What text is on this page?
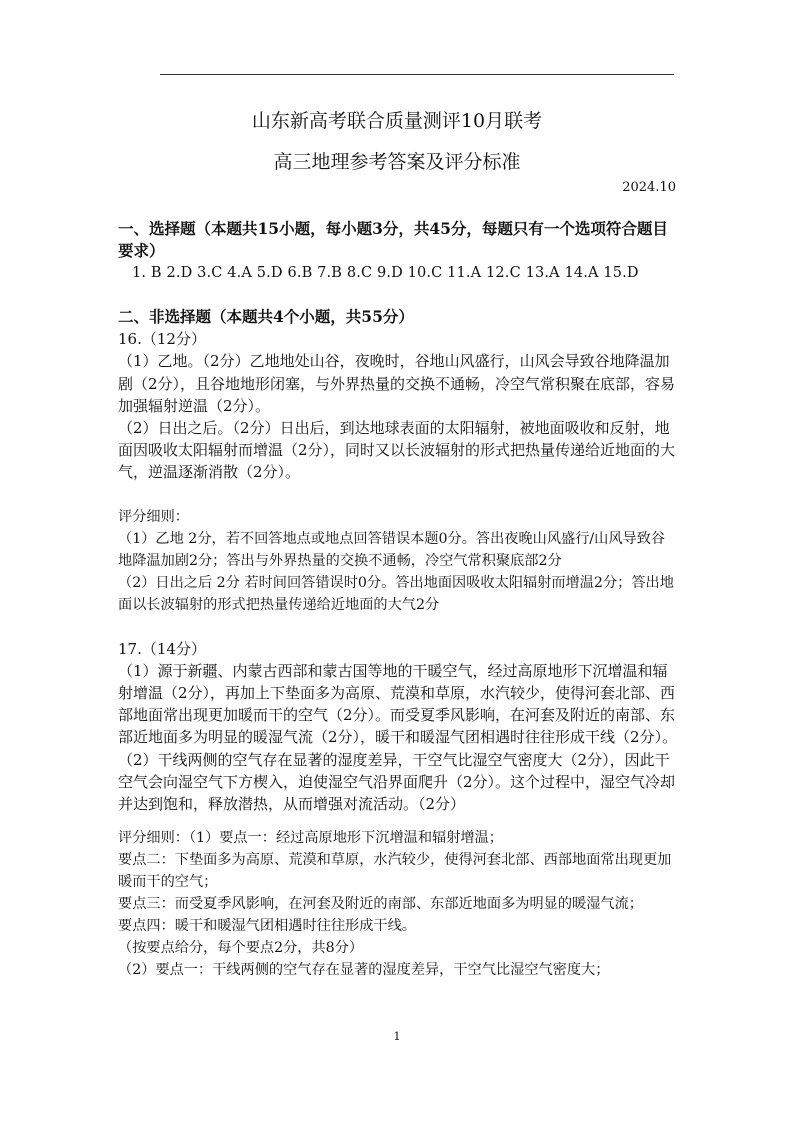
山东新高考联合质量测评10月联考
高三地理参考答案及评分标准
2024.10
一、选择题（本题共15小题，每小题3分，共45分，每题只有一个选项符合题目要求）
1. B 2.D 3.C 4.A 5.D 6.B 7.B 8.C 9.D 10.C 11.A 12.C 13.A 14.A 15.D
二、非选择题（本题共4个小题，共55分）

16.（12分）

（1）乙地。（2分）乙地地处山谷，夜晚时，谷地山风盛行，山风会导致谷地降温加剧（2分），且谷地地形闭塞，与外界热量的交换不通畅，冷空气常积聚在底部，容易加强辐射逆温（2分）。

（2）日出之后。（2分）日出后，到达地球表面的太阳辐射，被地面吸收和反射，地面因吸收太阳辐射而增温（2分），同时又以长波辐射的形式把热量传递给近地面的大气，逆温逐渐消散（2分）。

评分细则：

（1）乙地 2分，若不回答地点或地点回答错误本题0分。答出夜晚山风盛行/山风导致谷地降温加剧2分；答出与外界热量的交换不通畅，冷空气常积聚底部2分

（2）日出之后 2分 若时间回答错误时0分。答出地面因吸收太阳辐射而增温2分；答出地面以长波辐射的形式把热量传递给近地面的大气2分

17.（14分）

（1）源于新疆、内蒙古西部和蒙古国等地的干暖空气，经过高原地形下沉增温和辐射增温（2分），再加上下垫面多为高原、荒漠和草原，水汽较少，使得河套北部、西部地面常出现更加暖而干的空气（2分）。而受夏季风影响，在河套及附近的南部、东部近地面多为明显的暖湿气流（2分），暖干和暖湿气团相遇时往往形成干线（2分）。

（2）干线两侧的空气存在显著的湿度差异，干空气比湿空气密度大（2分），因此干空气会向湿空气下方楔入，迫使湿空气沿界面爬升（2分）。这个过程中，湿空气冷却并达到饱和，释放潜热，从而增强对流活动。（2分）

评分细则：（1）要点一：经过高原地形下沉增温和辐射增温；

要点二：下垫面多为高原、荒漠和草原，水汽较少，使得河套北部、西部地面常出现更加暖而干的空气；

要点三：而受夏季风影响，在河套及附近的南部、东部近地面多为明显的暖湿气流；

要点四：暖干和暖湿气团相遇时往往形成干线。

（按要点给分，每个要点2分，共8分）

（2）要点一：干线两侧的空气存在显著的湿度差异，干空气比湿空气密度大；

1
